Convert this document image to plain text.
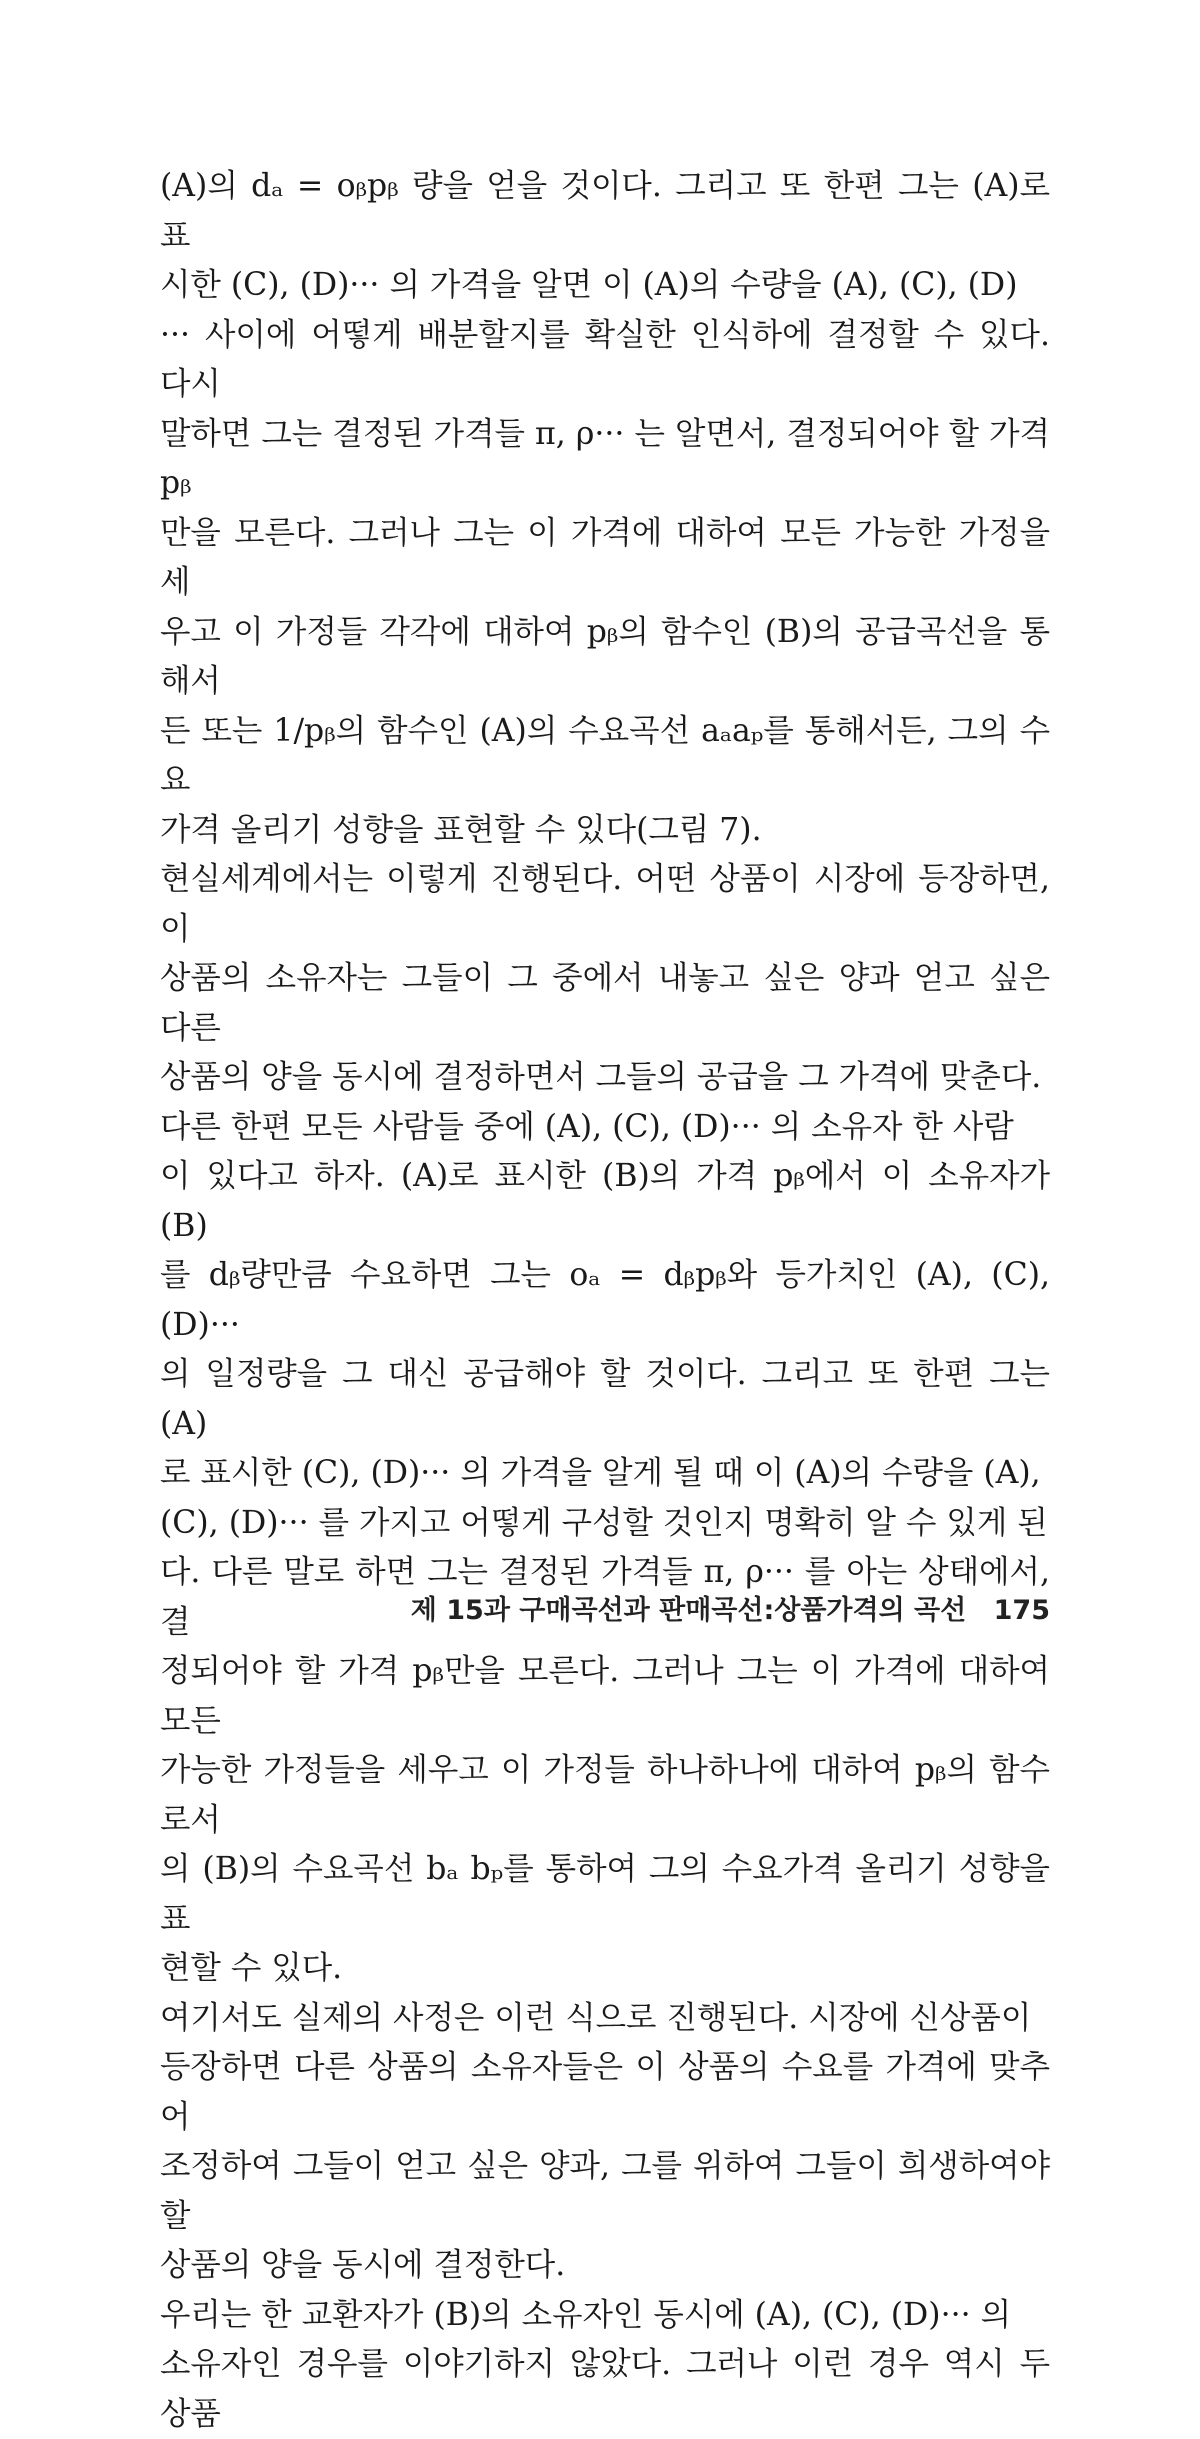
(A)의 dₐ = oᵦpᵦ 량을 얻을 것이다. 그리고 또 한편 그는 (A)로 표
시한 (C), (D)··· 의 가격을 알면 이 (A)의 수량을 (A), (C), (D)
··· 사이에 어떻게 배분할지를 확실한 인식하에 결정할 수 있다. 다시
말하면 그는 결정된 가격들 π, ρ··· 는 알면서, 결정되어야 할 가격 pᵦ
만을 모른다. 그러나 그는 이 가격에 대하여 모든 가능한 가정을 세
우고 이 가정들 각각에 대하여 pᵦ의 함수인 (B)의 공급곡선을 통해서
든 또는 1/pᵦ의 함수인 (A)의 수요곡선 aₐaₚ를 통해서든, 그의 수요
가격 올리기 성향을 표현할 수 있다(그림 7).

현실세계에서는 이렇게 진행된다. 어떤 상품이 시장에 등장하면, 이
상품의 소유자는 그들이 그 중에서 내놓고 싶은 양과 얻고 싶은 다른
상품의 양을 동시에 결정하면서 그들의 공급을 그 가격에 맞춘다.

다른 한편 모든 사람들 중에 (A), (C), (D)··· 의 소유자 한 사람
이 있다고 하자. (A)로 표시한 (B)의 가격 pᵦ에서 이 소유자가 (B)
를 dᵦ량만큼 수요하면 그는 oₐ = dᵦpᵦ와 등가치인 (A), (C), (D)···
의 일정량을 그 대신 공급해야 할 것이다. 그리고 또 한편 그는 (A)
로 표시한 (C), (D)··· 의 가격을 알게 될 때 이 (A)의 수량을 (A),
(C), (D)··· 를 가지고 어떻게 구성할 것인지 명확히 알 수 있게 된
다. 다른 말로 하면 그는 결정된 가격들 π, ρ··· 를 아는 상태에서, 결
정되어야 할 가격 pᵦ만을 모른다. 그러나 그는 이 가격에 대하여 모든
가능한 가정들을 세우고 이 가정들 하나하나에 대하여 pᵦ의 함수로서
의 (B)의 수요곡선 bₐ bₚ를 통하여 그의 수요가격 올리기 성향을 표
현할 수 있다.

여기서도 실제의 사정은 이런 식으로 진행된다. 시장에 신상품이
등장하면 다른 상품의 소유자들은 이 상품의 수요를 가격에 맞추어
조정하여 그들이 얻고 싶은 양과, 그를 위하여 그들이 희생하여야 할
상품의 양을 동시에 결정한다.

우리는 한 교환자가 (B)의 소유자인 동시에 (A), (C), (D)··· 의
소유자인 경우를 이야기하지 않았다. 그러나 이런 경우 역시 두 상품

제 15과 구매곡선과 판매곡선:상품가격의 곡선 175
